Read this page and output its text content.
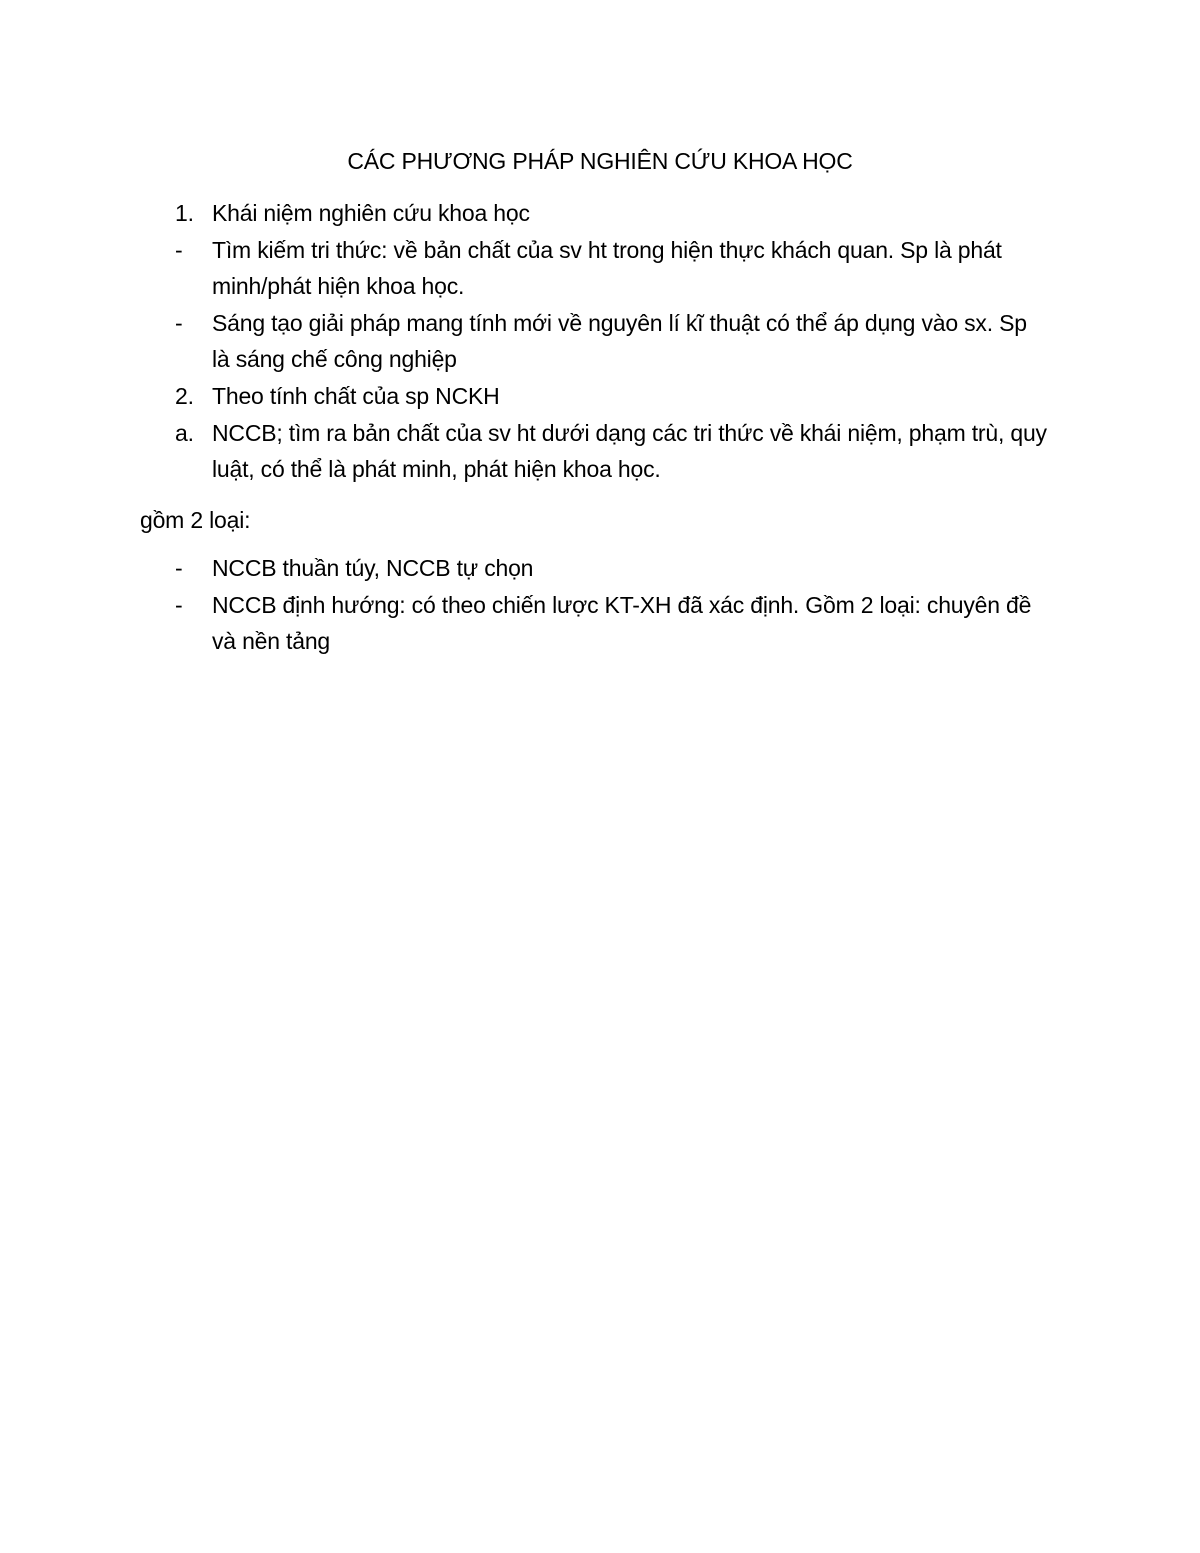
CÁC PHƯƠNG PHÁP NGHIÊN CỨU KHOA HỌC
1. Khái niệm nghiên cứu khoa học
-	Tìm kiếm tri thức: về bản chất của sv ht trong hiện thực khách quan. Sp là phát minh/phát hiện khoa học.
-	Sáng tạo giải pháp mang tính mới về nguyên lí kĩ thuật có thể áp dụng vào sx. Sp là sáng chế công nghiệp
2. Theo tính chất của sp NCKH
a. NCCB; tìm ra bản chất của sv ht dưới dạng các tri thức về khái niệm, phạm trù, quy luật, có thể là phát minh, phát hiện khoa học.
gồm 2 loại:
-	NCCB thuần túy, NCCB tự chọn
-	NCCB định hướng: có theo chiến lược KT-XH đã xác định. Gồm 2 loại: chuyên đề và nền tảng
